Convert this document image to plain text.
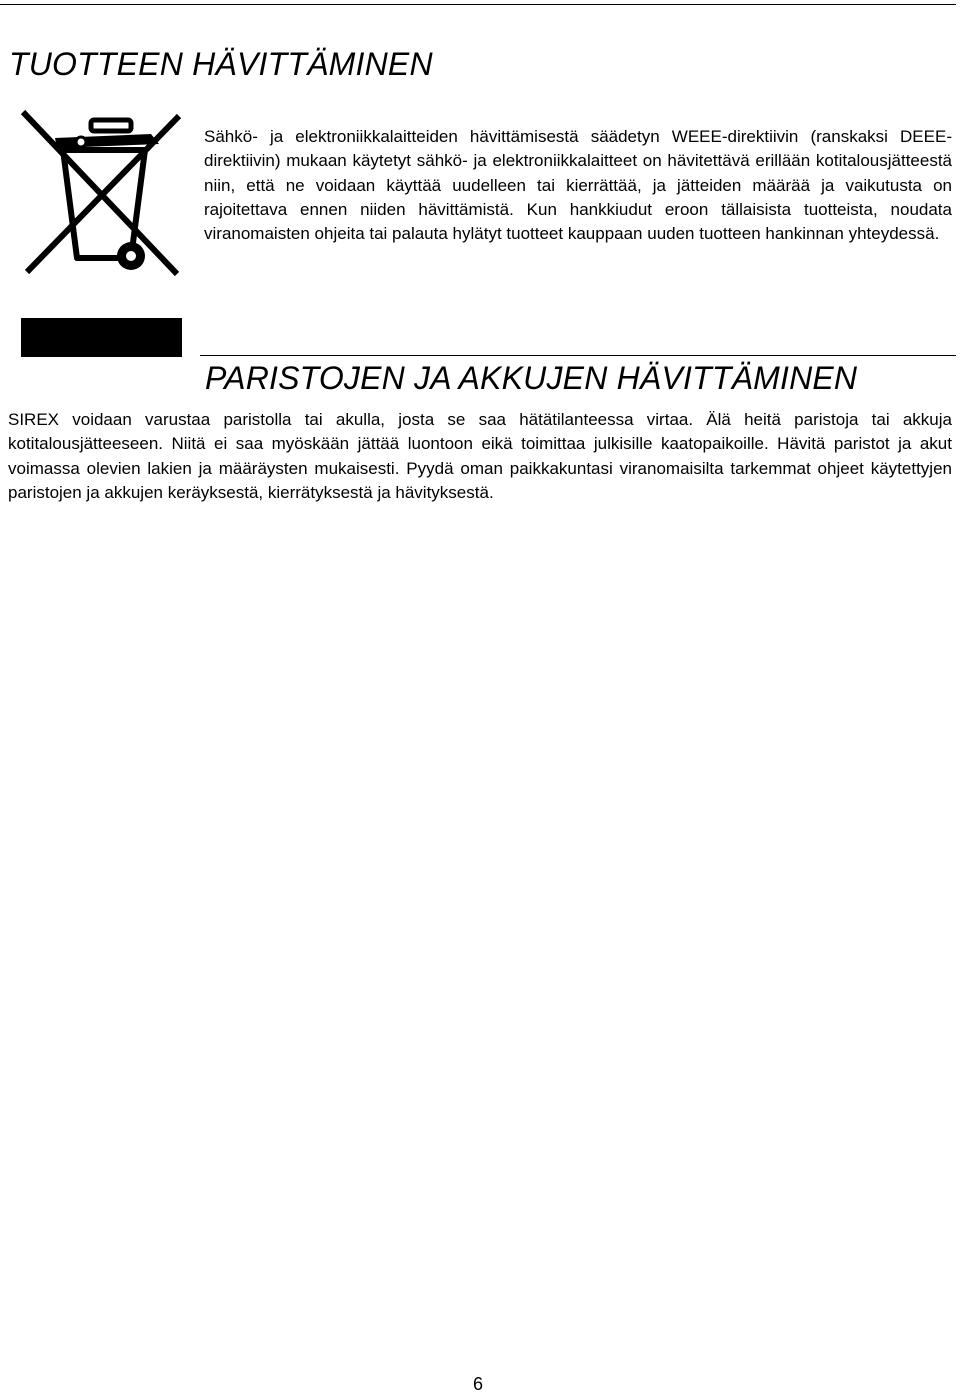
TUOTTEEN HÄVITTÄMINEN

Sähkö- ja elektroniikkalaitteiden hävittämisestä säädetyn WEEE-direktiivin (ranskaksi DEEE-direktiivin) mukaan käytetyt sähkö- ja elektroniikkalaitteet on hävitettävä erillään kotitalousjätteestä niin, että ne voidaan käyttää uudelleen tai kierrättää, ja jätteiden määrää ja vaikutusta on rajoitettava ennen niiden hävittämistä. Kun hankkiudut eroon tällaisista tuotteista, noudata viranomaisten ohjeita tai palauta hylätyt tuotteet kauppaan uuden tuotteen hankinnan yhteydessä.

PARISTOJEN JA AKKUJEN HÄVITTÄMINEN

SIREX voidaan varustaa paristolla tai akulla, josta se saa hätätilanteessa virtaa. Älä heitä paristoja tai akkuja kotitalousjätteeseen. Niitä ei saa myöskään jättää luontoon eikä toimittaa julkisille kaatopaikoille. Hävitä paristot ja akut voimassa olevien lakien ja määräysten mukaisesti. Pyydä oman paikkakuntasi viranomaisilta tarkemmat ohjeet käytettyjen paristojen ja akkujen keräyksestä, kierrätyksestä ja hävityksestä.

6
